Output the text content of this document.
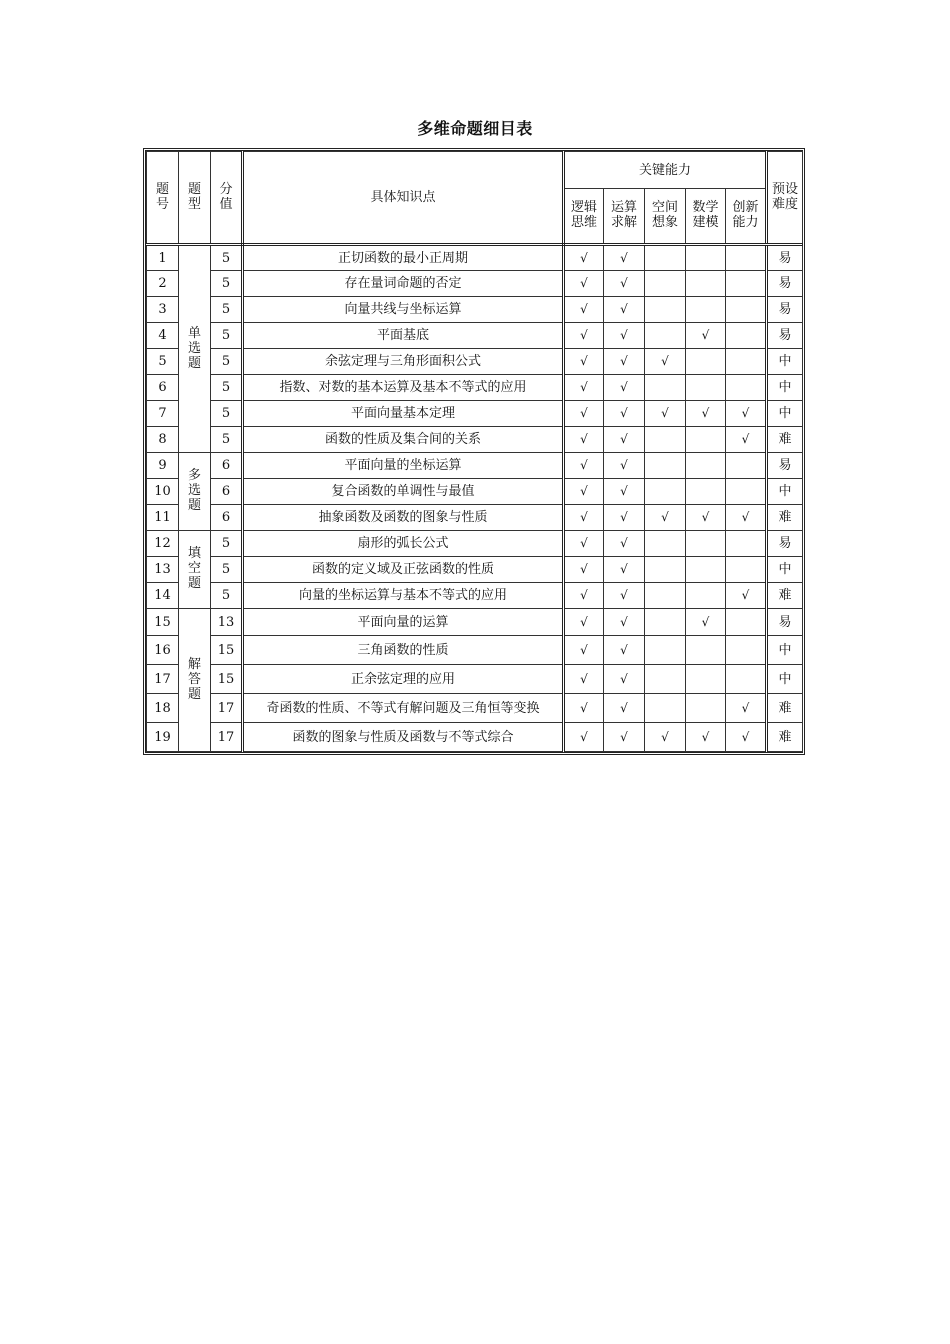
多维命题细目表
题号	题型	分值	具体知识点	关键能力					预设难度
				逻辑思维	运算求解	空间想象	数学建模	创新能力	
1	单选题	5	正切函数的最小正周期	√	√				易
2		5	存在量词命题的否定	√	√				易
3		5	向量共线与坐标运算	√	√				易
4		5	平面基底	√	√		√		易
5		5	余弦定理与三角形面积公式	√	√	√			中
6		5	指数、对数的基本运算及基本不等式的应用	√	√				中
7		5	平面向量基本定理	√	√	√	√	√	中
8		5	函数的性质及集合间的关系	√	√			√	难
9	多选题	6	平面向量的坐标运算	√	√				易
10		6	复合函数的单调性与最值	√	√				中
11		6	抽象函数及函数的图象与性质	√	√	√	√	√	难
12	填空题	5	扇形的弧长公式	√	√				易
13		5	函数的定义域及正弦函数的性质	√	√				中
14		5	向量的坐标运算与基本不等式的应用	√	√			√	难
15	解答题	13	平面向量的运算	√	√		√		易
16		15	三角函数的性质	√	√				中
17		15	正余弦定理的应用	√	√				中
18		17	奇函数的性质、不等式有解问题及三角恒等变换	√	√			√	难
19		17	函数的图象与性质及函数与不等式综合	√	√	√	√	√	难
